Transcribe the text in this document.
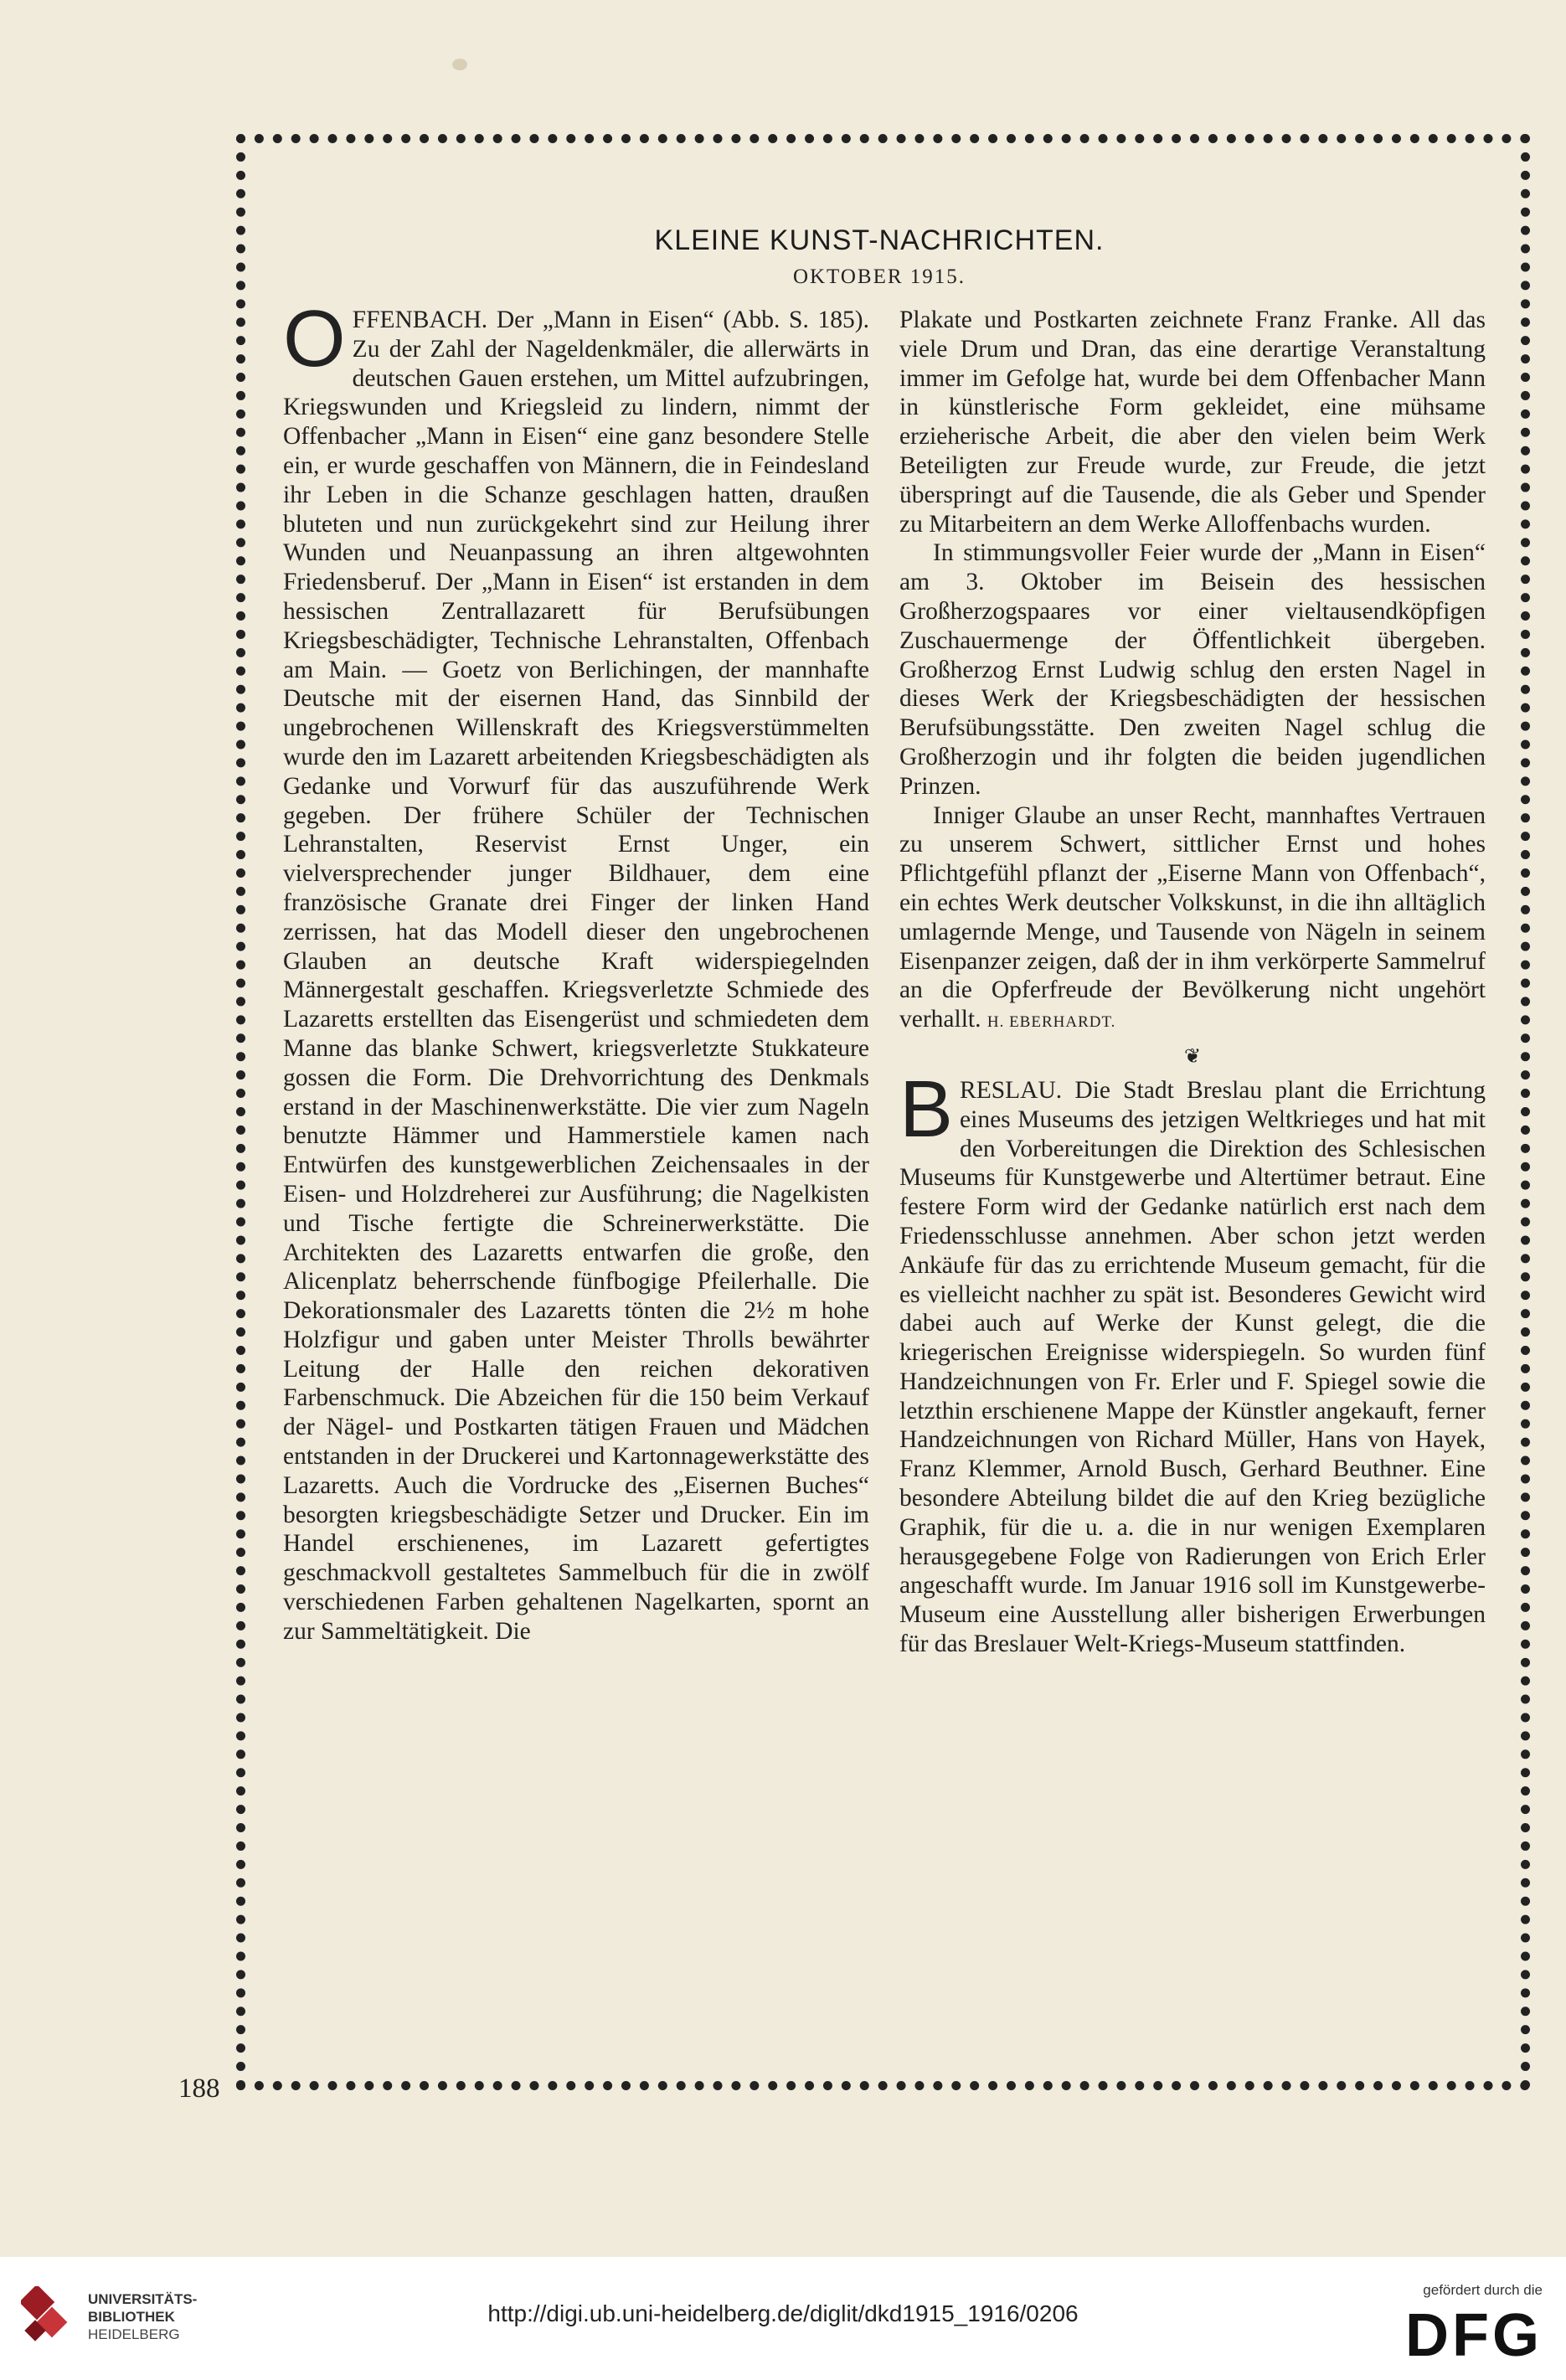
KLEINE KUNST-NACHRICHTEN.
OKTOBER 1915.

O FFENBACH. Der „Mann in Eisen“ (Abb. S. 185). Zu der Zahl der Nageldenkmäler, die allerwärts in deutschen Gauen erstehen, um Mittel aufzubringen, Kriegswunden und Kriegsleid zu lindern, nimmt der Offenbacher „Mann in Eisen“ eine ganz besondere Stelle ein, er wurde geschaffen von Männern, die in Feindesland ihr Leben in die Schanze geschlagen hatten, draußen bluteten und nun zurückgekehrt sind zur Heilung ihrer Wunden und Neuanpassung an ihren altgewohnten Friedensberuf. Der „Mann in Eisen“ ist erstanden in dem hessischen Zentrallazarett für Berufsübungen Kriegsbeschädigter, Technische Lehranstalten, Offenbach am Main. — Goetz von Berlichingen, der mannhafte Deutsche mit der eisernen Hand, das Sinnbild der ungebrochenen Willenskraft des Kriegsverstümmelten wurde den im Lazarett arbeitenden Kriegsbeschädigten als Gedanke und Vorwurf für das auszuführende Werk gegeben. Der frühere Schüler der Technischen Lehranstalten, Reservist Ernst Unger, ein vielversprechender junger Bildhauer, dem eine französische Granate drei Finger der linken Hand zerrissen, hat das Modell dieser den ungebrochenen Glauben an deutsche Kraft widerspiegelnden Männergestalt geschaffen. Kriegsverletzte Schmiede des Lazaretts erstellten das Eisengerüst und schmiedeten dem Manne das blanke Schwert, kriegsverletzte Stukkateure gossen die Form. Die Drehvorrichtung des Denkmals erstand in der Maschinenwerkstätte. Die vier zum Nageln benutzte Hämmer und Hammerstiele kamen nach Entwürfen des kunstgewerblichen Zeichensaales in der Eisen- und Holzdreherei zur Ausführung; die Nagelkisten und Tische fertigte die Schreinerwerkstätte. Die Architekten des Lazaretts entwarfen die große, den Alicenplatz beherrschende fünfbogige Pfeilerhalle. Die Dekorationsmaler des Lazaretts tönten die 2½ m hohe Holzfigur und gaben unter Meister Throlls bewährter Leitung der Halle den reichen dekorativen Farbenschmuck. Die Abzeichen für die 150 beim Verkauf der Nägel- und Postkarten tätigen Frauen und Mädchen entstanden in der Druckerei und Kartonnagewerkstätte des Lazaretts. Auch die Vordrucke des „Eisernen Buches“ besorgten kriegsbeschädigte Setzer und Drucker. Ein im Handel erschienenes, im Lazarett gefertigtes geschmackvoll gestaltetes Sammelbuch für die in zwölf verschiedenen Farben gehaltenen Nagelkarten, spornt an zur Sammeltätigkeit. Die

Plakate und Postkarten zeichnete Franz Franke. All das viele Drum und Dran, das eine derartige Veranstaltung immer im Gefolge hat, wurde bei dem Offenbacher Mann in künstlerische Form gekleidet, eine mühsame erzieherische Arbeit, die aber den vielen beim Werk Beteiligten zur Freude wurde, zur Freude, die jetzt überspringt auf die Tausende, die als Geber und Spender zu Mitarbeitern an dem Werke Alloffenbachs wurden.

In stimmungsvoller Feier wurde der „Mann in Eisen“ am 3. Oktober im Beisein des hessischen Großherzogspaares vor einer vieltausendköpfigen Zuschauermenge der Öffentlichkeit übergeben. Großherzog Ernst Ludwig schlug den ersten Nagel in dieses Werk der Kriegsbeschädigten der hessischen Berufsübungsstätte. Den zweiten Nagel schlug die Großherzogin und ihr folgten die beiden jugendlichen Prinzen.

Inniger Glaube an unser Recht, mannhaftes Vertrauen zu unserem Schwert, sittlicher Ernst und hohes Pflichtgefühl pflanzt der „Eiserne Mann von Offenbach“, ein echtes Werk deutscher Volkskunst, in die ihn alltäglich umlagernde Menge, und Tausende von Nägeln in seinem Eisenpanzer zeigen, daß der in ihm verkörperte Sammelruf an die Opferfreude der Bevölkerung nicht ungehört verhallt. H. EBERHARDT.

❦

B RESLAU. Die Stadt Breslau plant die Errichtung eines Museums des jetzigen Weltkrieges und hat mit den Vorbereitungen die Direktion des Schlesischen Museums für Kunstgewerbe und Altertümer betraut. Eine festere Form wird der Gedanke natürlich erst nach dem Friedensschlusse annehmen. Aber schon jetzt werden Ankäufe für das zu errichtende Museum gemacht, für die es vielleicht nachher zu spät ist. Besonderes Gewicht wird dabei auch auf Werke der Kunst gelegt, die die kriegerischen Ereignisse widerspiegeln. So wurden fünf Handzeichnungen von Fr. Erler und F. Spiegel sowie die letzthin erschienene Mappe der Künstler angekauft, ferner Handzeichnungen von Richard Müller, Hans von Hayek, Franz Klemmer, Arnold Busch, Gerhard Beuthner. Eine besondere Abteilung bildet die auf den Krieg bezügliche Graphik, für die u. a. die in nur wenigen Exemplaren herausgegebene Folge von Radierungen von Erich Erler angeschafft wurde. Im Januar 1916 soll im Kunstgewerbe-Museum eine Ausstellung aller bisherigen Erwerbungen für das Breslauer Welt-Kriegs-Museum stattfinden.

188
UNIVERSITÄTS-
BIBLIOTHEK
HEIDELBERG
http://digi.ub.uni-heidelberg.de/diglit/dkd1915_1916/0206
gefördert durch die
DFG
